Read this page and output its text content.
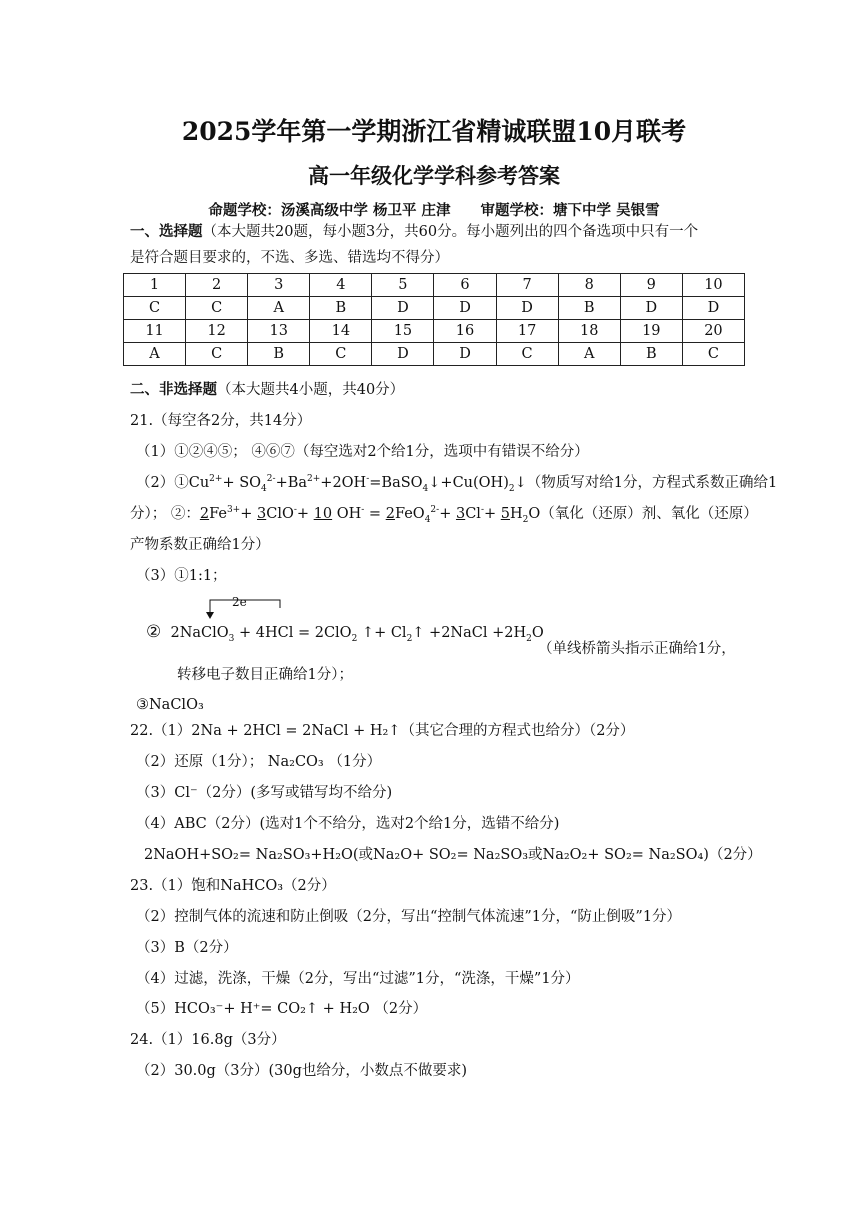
2025学年第一学期浙江省精诚联盟10月联考
高一年级化学学科参考答案
命题学校：汤溪高级中学 杨卫平 庄津 审题学校：塘下中学 吴银雪
一、选择题（本大题共20题，每小题3分，共60分。每小题列出的四个备选项中只有一个
是符合题目要求的，不选、多选、错选均不得分）
1	2	3	4	5	6	7	8	9	10
C	C	A	B	D	D	D	B	D	D
11	12	13	14	15	16	17	18	19	20
A	C	B	C	D	D	C	A	B	C
二、非选择题（本大题共4小题，共40分）
21.（每空各2分，共14分）
（1）①②④⑤； ④⑥⑦（每空选对2个给1分，选项中有错误不给分）
$(2)①Cu^{2+}+$ $SO_4^{2-}+Ba^{2+}+2OH^-=BaSO_4↓+Cu(OH)_2↓$（物质写对给1分，方程式系数正确给1
分）； ②：$2Fe^{3+}+ 3ClO^-+ 10$ $OH^- = 2FeO_4^{2-}+ 3Cl^-+ 5H_2O$（氧化（还原）剂、氧化（还原）
产物系数正确给1分）
（3）①1:1；
2e⁻
②  2NaClO$_3$ + 4HCl = 2ClO$_2$ ↑+ $Cl_2↑$ +2NaCl $+2H_2O$
（单线桥箭头指示正确给1分，
转移电子数目正确给1分）；
③NaClO₃
22.（1）2Na + 2HCl = 2NaCl + H₂↑（其它合理的方程式也给分）（2分）
（2）还原（1分）； Na₂CO₃ （1分）
（3）Cl⁻（2分）(多写或错写均不给分)
（4）ABC（2分）(选对1个不给分，选对2个给1分，选错不给分)
2NaOH+SO₂= Na₂SO₃+H₂O(或Na₂O+ SO₂= Na₂SO₃或Na₂O₂+ SO₂= Na₂SO₄)（2分）
23.（1）饱和NaHCO₃（2分）
（2）控制气体的流速和防止倒吸（2分，写出“控制气体流速”1分，“防止倒吸”1分）
（3）B（2分）
（4）过滤，洗涤，干燥（2分，写出“过滤”1分，“洗涤，干燥”1分）
（5）HCO₃⁻+ H⁺= CO₂↑ + H₂O （2分）
24.（1）16.8g（3分）
（2）30.0g（3分）(30g也给分，小数点不做要求)
